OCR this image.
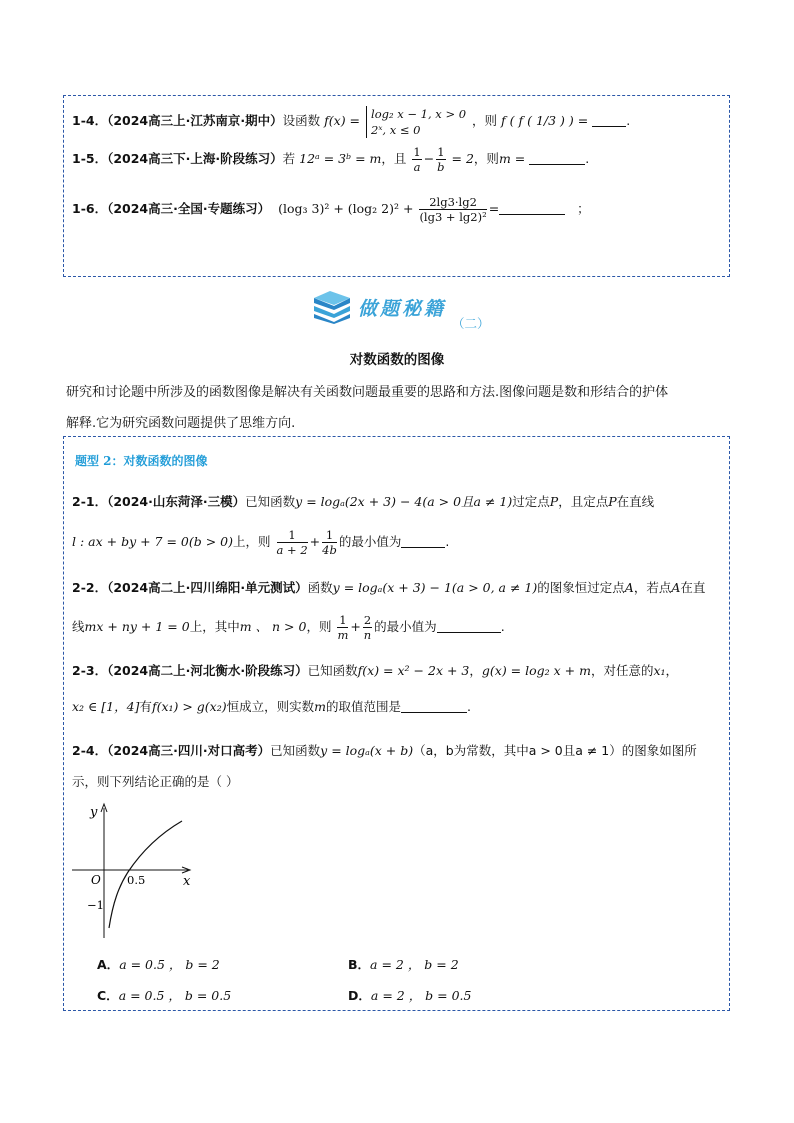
1-4．（2024高三上·江苏南京·期中）设函数 f(x) = log₂ x − 1, x > 0
2ˣ, x ≤ 0
，则 f ( f ( 1/3 ) ) =	.
1-5．（2024高三下·上海·阶段练习）若 12ᵃ = 3ᵇ = m，且 $\frac{1}{a} - \frac{1}{b} = 2$，则m =	.
1-6．（2024高三·全国·专题练习） (log₃ 3)² + (log₂ $2)^2 + \frac{2\lg 3\cdot\lg 2}{\text{(lg3 + lg2)²}}$ =	；
做题秘籍
（二）
对数函数的图像
研究和讨论题中所涉及的函数图像是解决有关函数问题最重要的思路和方法.图像问题是数和形结合的护体
解释.它为研究函数问题提供了思维方向.
题型 2：对数函数的图像
2-1．（2024·山东菏泽·三模）已知函数y = logₐ(2x + 3) − 4(a > 0且a ≠ 1)过定点P，且定点P在直线
l : ax + by + 7 = 0(b > 0)上，则 $\frac{1}{a + 2} + \frac{1}{4b}$ 的最小值为	.
2-2．（2024高二上·四川绵阳·单元测试）函数y = logₐ(x + 3) − 1(a > 0, a ≠ 1)的图象恒过定点A，若点A在直
线mx + ny + 1 = 0上，其中m 、 n > 0，则 $\frac{1}{m} + \frac{2}{n}$ 的最小值为	.
2-3．（2024高二上·河北衡水·阶段练习）已知函数f(x) = x² − 2x + 3，g(x) = log₂ x + m，对任意的x₁，
x₂ ∈ [1，4]有f(x₁) > g(x₂)恒成立，则实数m的取值范围是	.
2-4．（2024高三·四川·对口高考）已知函数y = logₐ(x + b)（a，b为常数，其中a > 0且a ≠ 1）的图象如图所
示，则下列结论正确的是（ ）
y
x
O 0.5
−1
A．a = 0.5 ， b = 2	B．a = 2 ， b = 2
C．a = 0.5 ， b = 0.5	D．a = 2 ， b = 0.5
